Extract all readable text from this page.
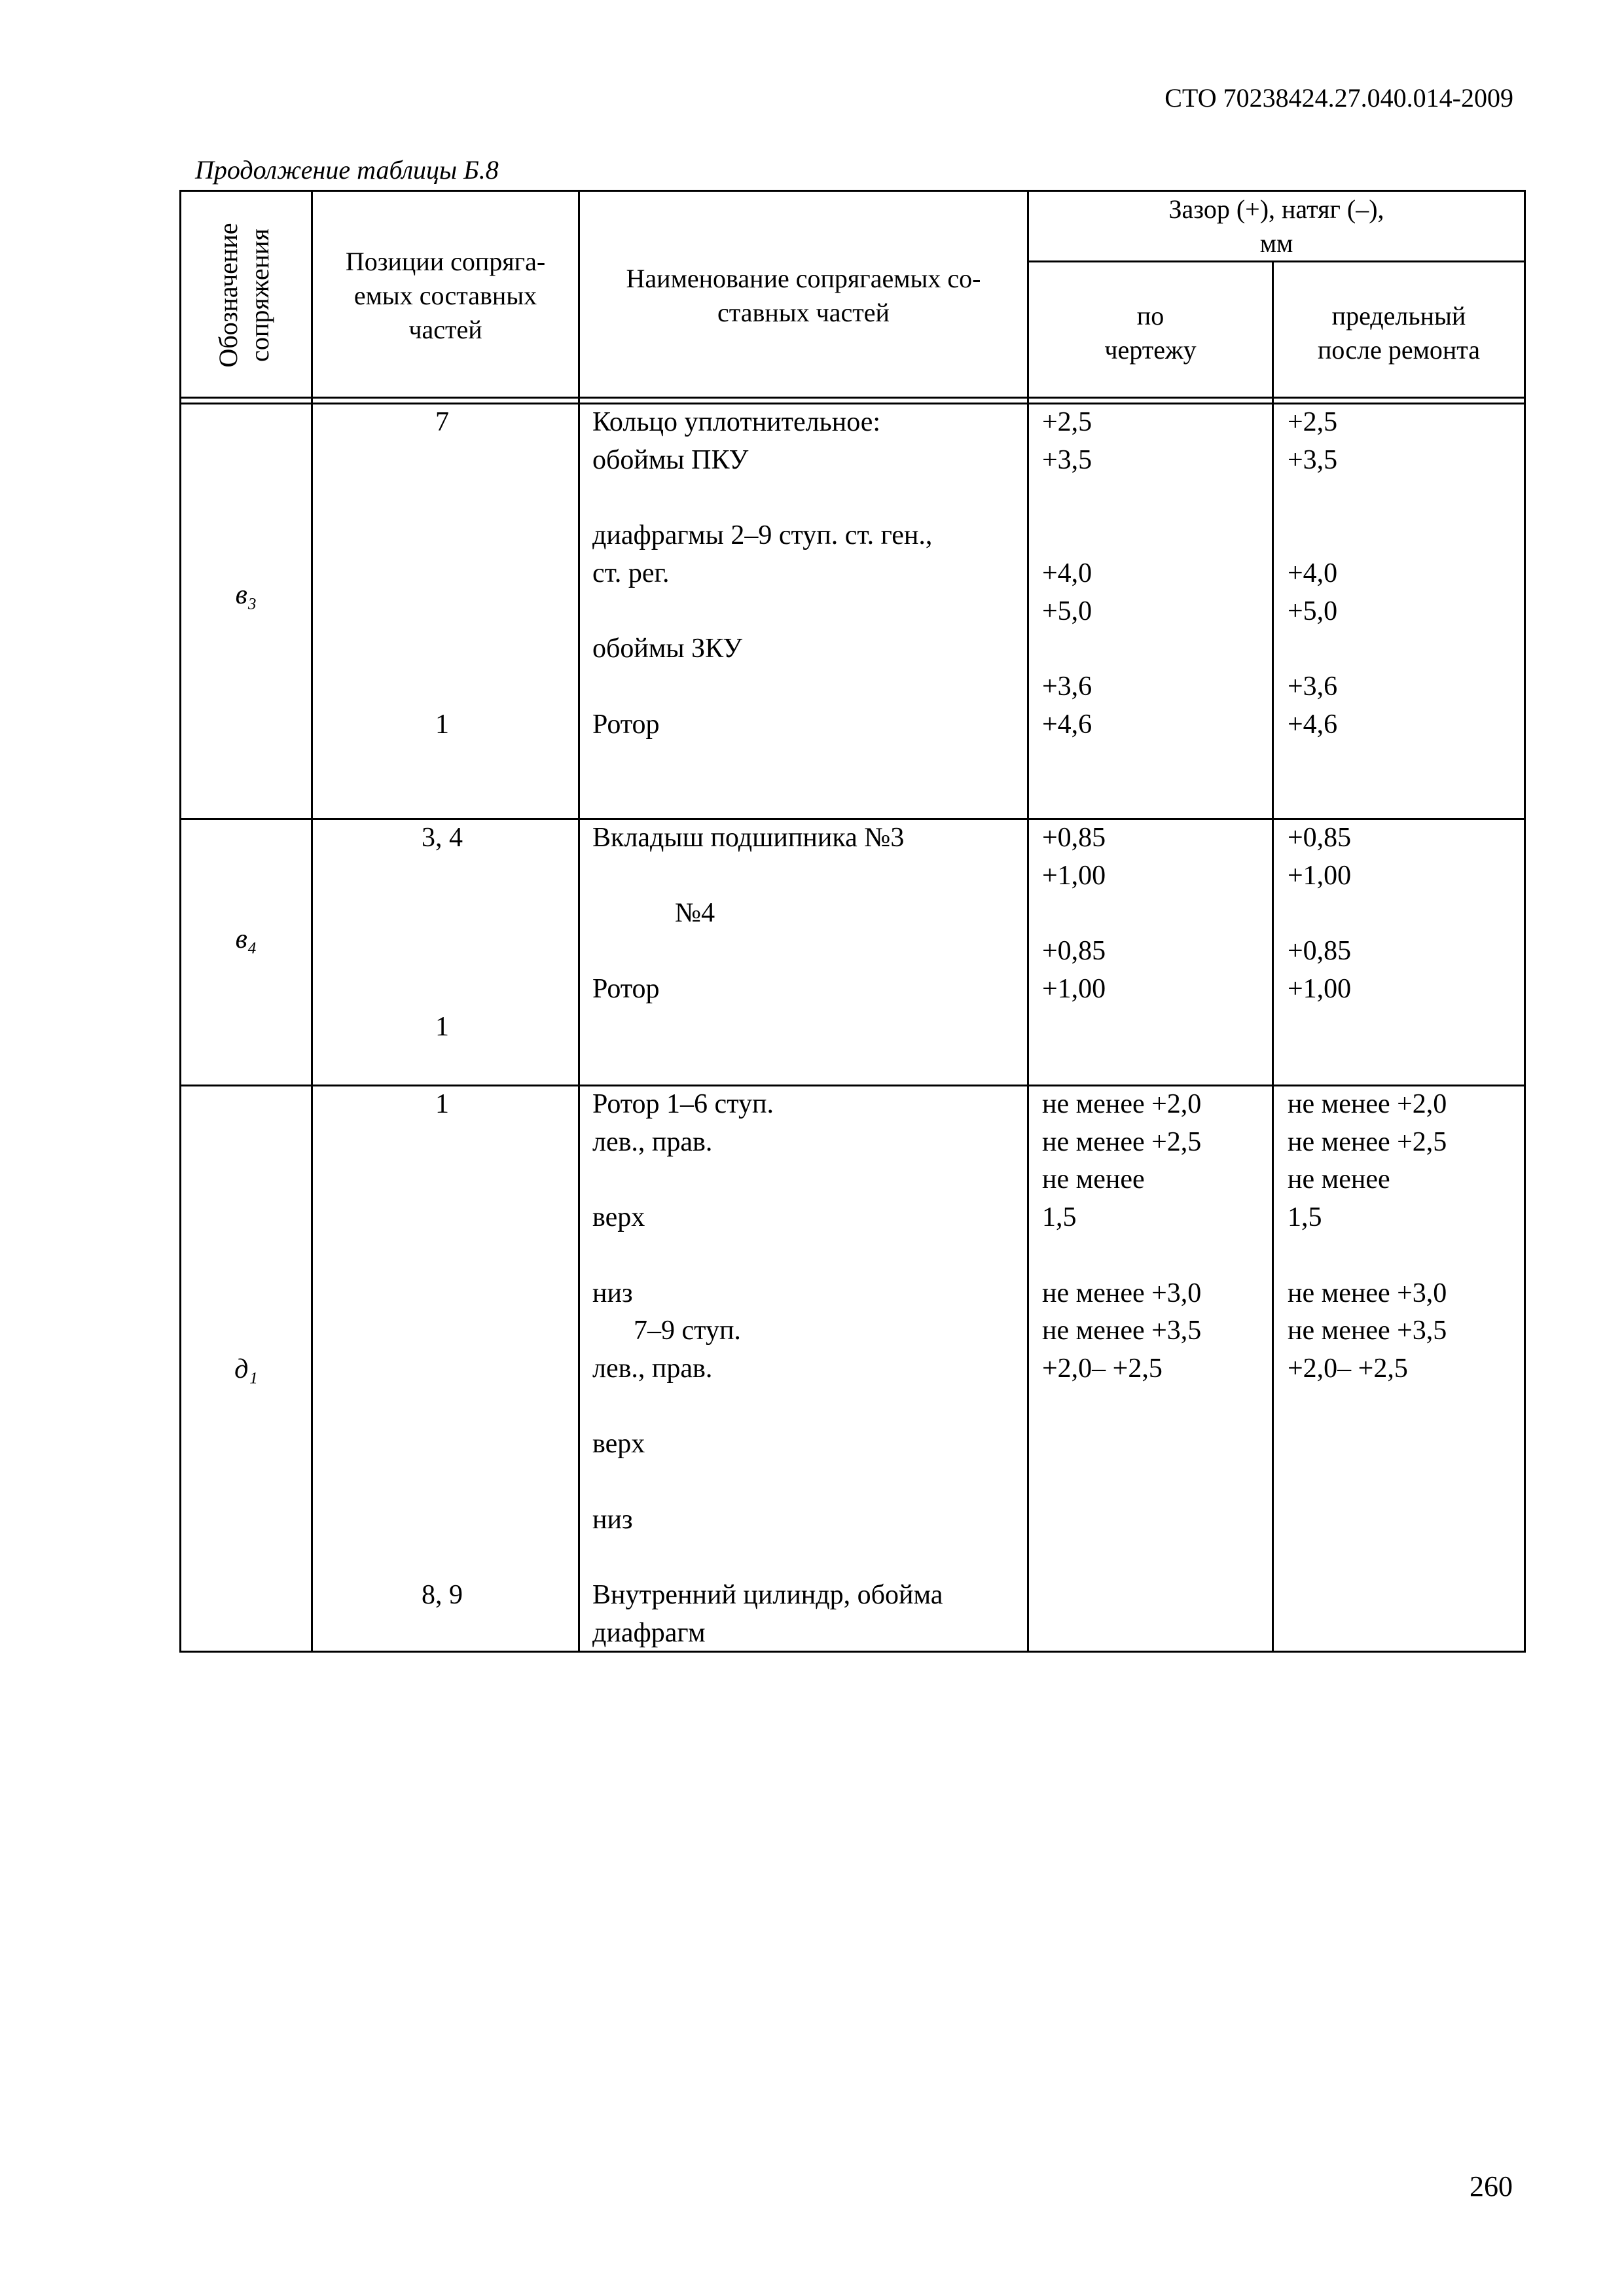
СТО 70238424.27.040.014-2009
Продолжение таблицы Б.8
260
Обозначение
сопряжения	Позиции сопряга-
емых составных
частей
Наименование сопрягаемых со-
ставных частей
Зазор (+), натяг (–),
мм
по
чертежу
предельный
после ремонта
в₃
7

1
Кольцо уплотнительное:
обоймы ПКУ

диафрагмы 2–9 ступ. ст. ген.,
ст. рег.

обоймы ЗКУ

Ротор
+2,5
+3,5

+4,0
+5,0

+3,6
+4,6
+2,5
+3,5

+4,0
+5,0

+3,6
+4,6
в₄
3, 4

1
Вкладыш подшипника №3

№4

Ротор
+0,85
+1,00

+0,85
+1,00
+0,85
+1,00

+0,85
+1,00
д₁
1

8, 9
Ротор 1–6 ступ.
лев., прав.

верх

низ
7–9 ступ.
лев., прав.

верх

низ

Внутренний цилиндр, обойма
диафрагм
не менее +2,0
не менее +2,5
не менее
1,5

не менее +3,0
не менее +3,5
+2,0– +2,5
не менее +2,0
не менее +2,5
не менее
1,5

не менее +3,0
не менее +3,5
+2,0– +2,5
